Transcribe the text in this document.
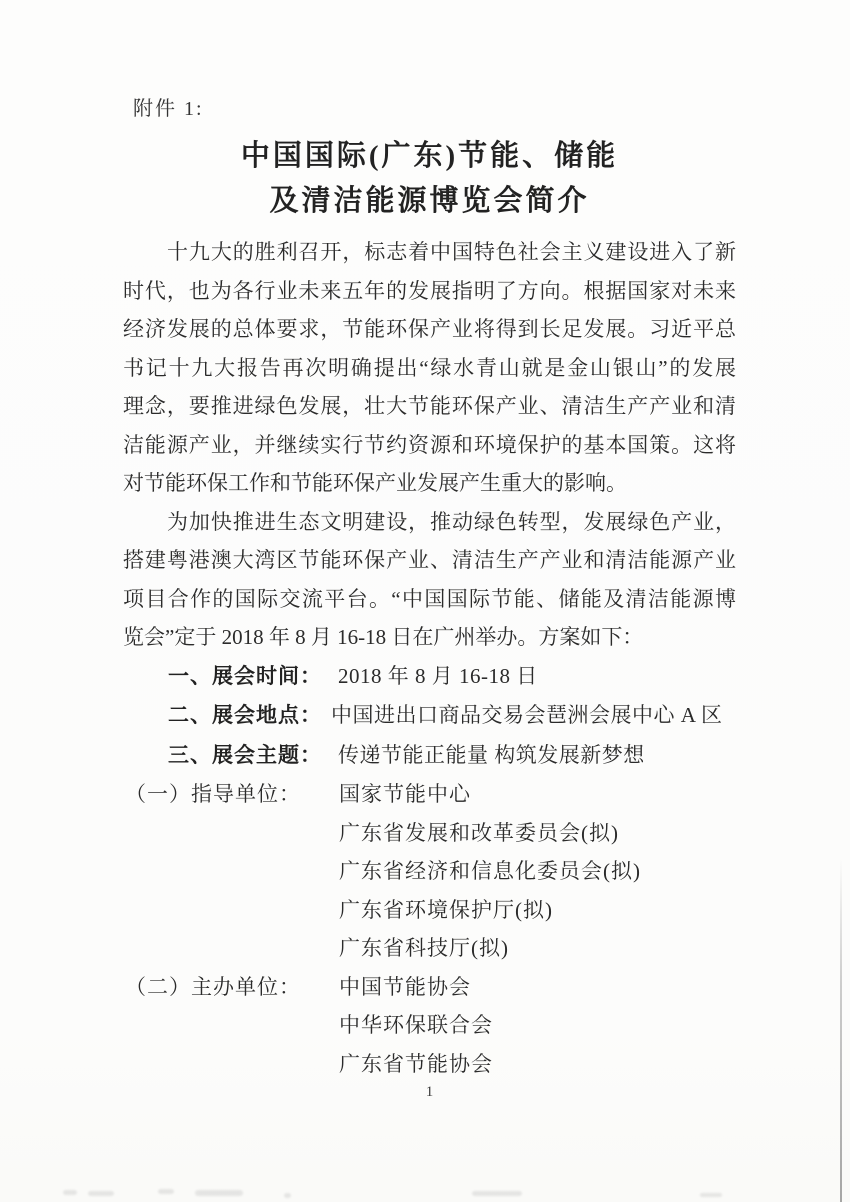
附件 1:
中国国际(广东)节能、储能
及清洁能源博览会简介

十九大的胜利召开，标志着中国特色社会主义建设进入了新
时代，也为各行业未来五年的发展指明了方向。根据国家对未来
经济发展的总体要求，节能环保产业将得到长足发展。习近平总
书记十九大报告再次明确提出“绿水青山就是金山银山”的发展
理念，要推进绿色发展，壮大节能环保产业、清洁生产产业和清
洁能源产业，并继续实行节约资源和环境保护的基本国策。这将
对节能环保工作和节能环保产业发展产生重大的影响。

为加快推进生态文明建设，推动绿色转型，发展绿色产业，
搭建粤港澳大湾区节能环保产业、清洁生产产业和清洁能源产业
项目合作的国际交流平台。“中国国际节能、储能及清洁能源博
览会”定于 2018 年 8 月 16-18 日在广州举办。方案如下：

一、展会时间： 2018 年 8 月 16-18 日
二、展会地点： 中国进出口商品交易会琶洲会展中心 A 区
三、展会主题： 传递节能正能量 构筑发展新梦想
（一）指导单位：	国家节能中心
广东省发展和改革委员会(拟)
广东省经济和信息化委员会(拟)
广东省环境保护厅(拟)
广东省科技厅(拟)
（二）主办单位：	中国节能协会
中华环保联合会
广东省节能协会
1
